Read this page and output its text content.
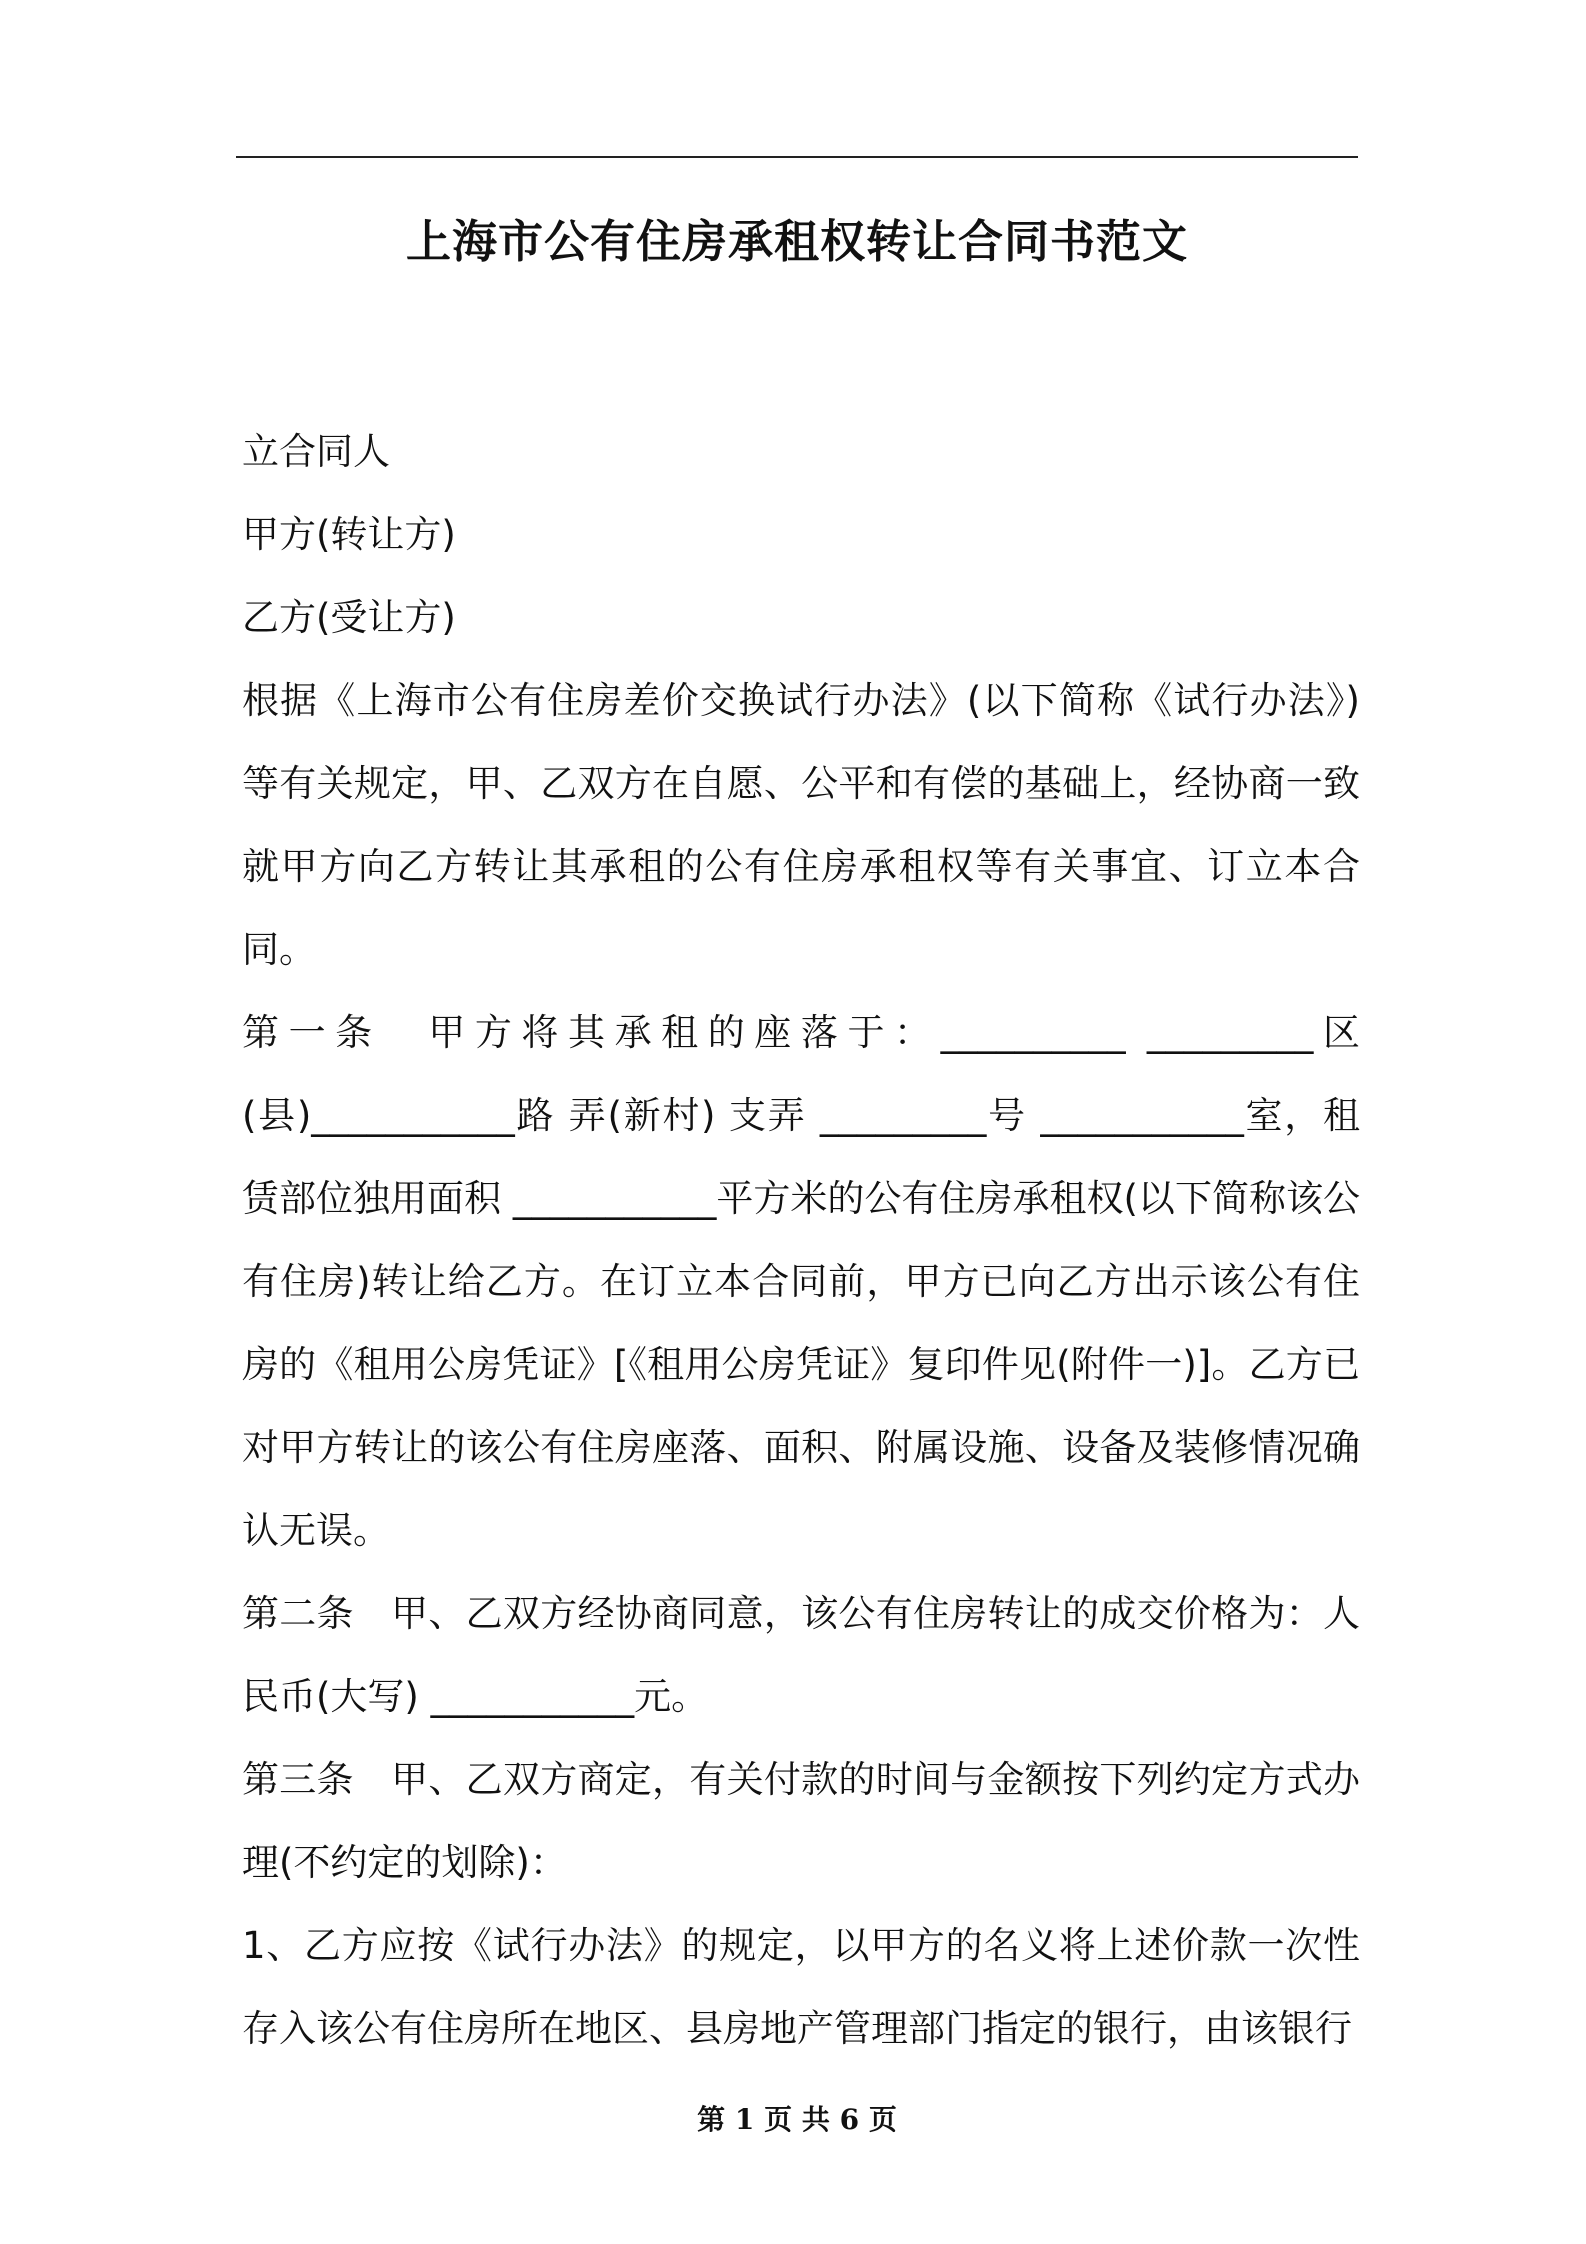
上海市公有住房承租权转让合同书范文

立合同人

甲方(转让方)

乙方(受让方)

根据《上海市公有住房差价交换试行办法》(以下简称《试行办法》)等有关规定，甲、乙双方在自愿、公平和有偿的基础上，经协商一致就甲方向乙方转让其承租的公有住房承租权等有关事宜、订立本合同。

第一条　甲方将其承租的座落于：__________ _________区(县)___________路 弄(新村) 支弄 _________号 ___________室，租赁部位独用面积 ___________平方米的公有住房承租权(以下简称该公有住房)转让给乙方。在订立本合同前，甲方已向乙方出示该公有住房的《租用公房凭证》[《租用公房凭证》复印件见(附件一)]。乙方已对甲方转让的该公有住房座落、面积、附属设施、设备及装修情况确认无误。

第二条　甲、乙双方经协商同意，该公有住房转让的成交价格为：人民币(大写) ___________元。

第三条　甲、乙双方商定，有关付款的时间与金额按下列约定方式办理(不约定的划除)：

1、乙方应按《试行办法》的规定，以甲方的名义将上述价款一次性存入该公有住房所在地区、县房地产管理部门指定的银行，由该银行

第 1 页 共 6 页
